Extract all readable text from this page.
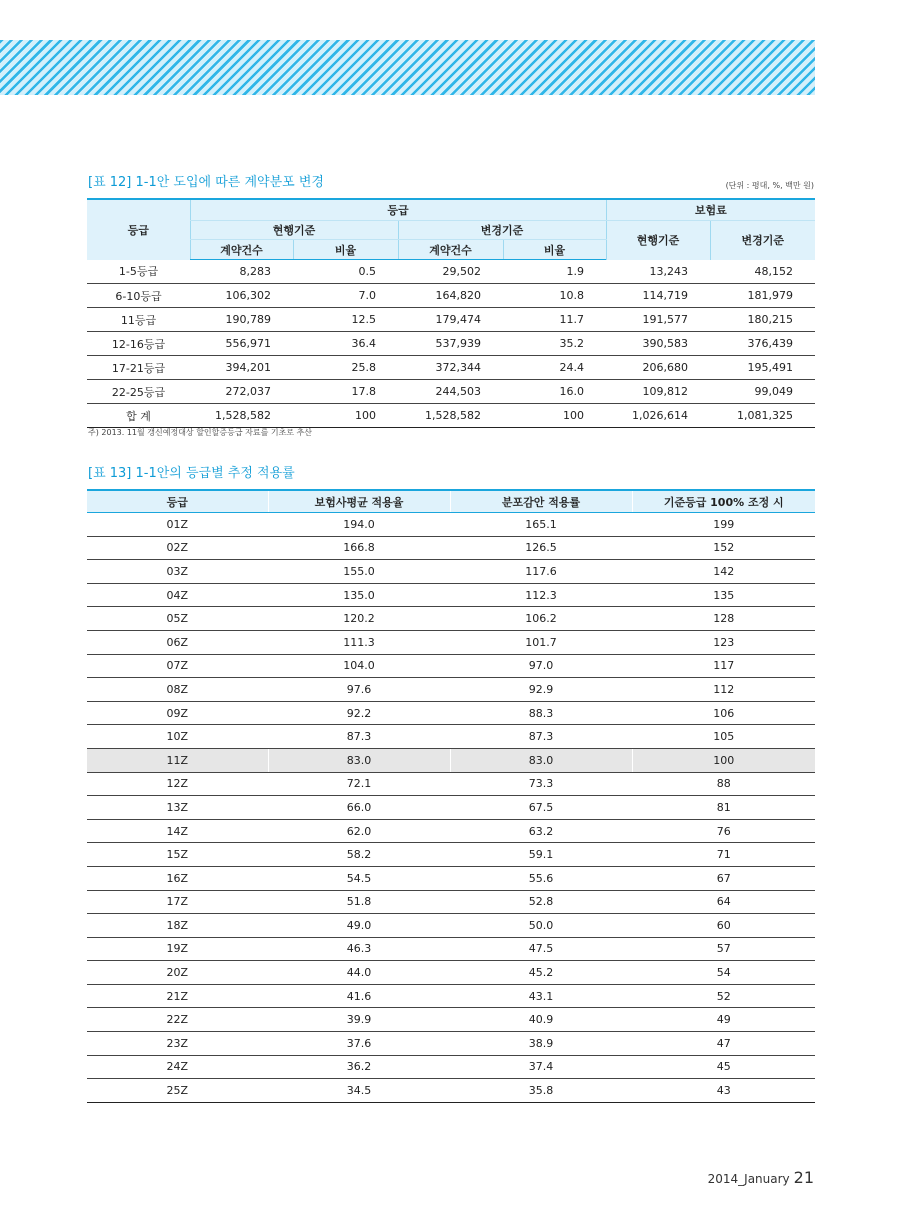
[표 12] 1-1안 도입에 따른 계약분포 변경	(단위 : 평대, %, 백만 원)
등급	등급				보험료	
	현행기준		변경기준		현행기준	변경기준
	계약건수	비율	계약건수	비율		
1-5등급	8,283	0.5	29,502	1.9	13,243	48,152
6-10등급	106,302	7.0	164,820	10.8	114,719	181,979
11등급	190,789	12.5	179,474	11.7	191,577	180,215
12-16등급	556,971	36.4	537,939	35.2	390,583	376,439
17-21등급	394,201	25.8	372,344	24.4	206,680	195,491
22-25등급	272,037	17.8	244,503	16.0	109,812	99,049
합 계	1,528,582	100	1,528,582	100	1,026,614	1,081,325
주) 2013. 11월 갱신예정대상 할인할증등급 자료를 기초로 추산
[표 13] 1-1안의 등급별 추정 적용률
등급	보험사평균 적용율	분포감안 적용률	기준등급 100% 조정 시
01Z	194.0	165.1	199
02Z	166.8	126.5	152
03Z	155.0	117.6	142
04Z	135.0	112.3	135
05Z	120.2	106.2	128
06Z	111.3	101.7	123
07Z	104.0	97.0	117
08Z	97.6	92.9	112
09Z	92.2	88.3	106
10Z	87.3	87.3	105
11Z	83.0	83.0	100
12Z	72.1	73.3	88
13Z	66.0	67.5	81
14Z	62.0	63.2	76
15Z	58.2	59.1	71
16Z	54.5	55.6	67
17Z	51.8	52.8	64
18Z	49.0	50.0	60
19Z	46.3	47.5	57
20Z	44.0	45.2	54
21Z	41.6	43.1	52
22Z	39.9	40.9	49
23Z	37.6	38.9	47
24Z	36.2	37.4	45
25Z	34.5	35.8	43
2014_January 21
